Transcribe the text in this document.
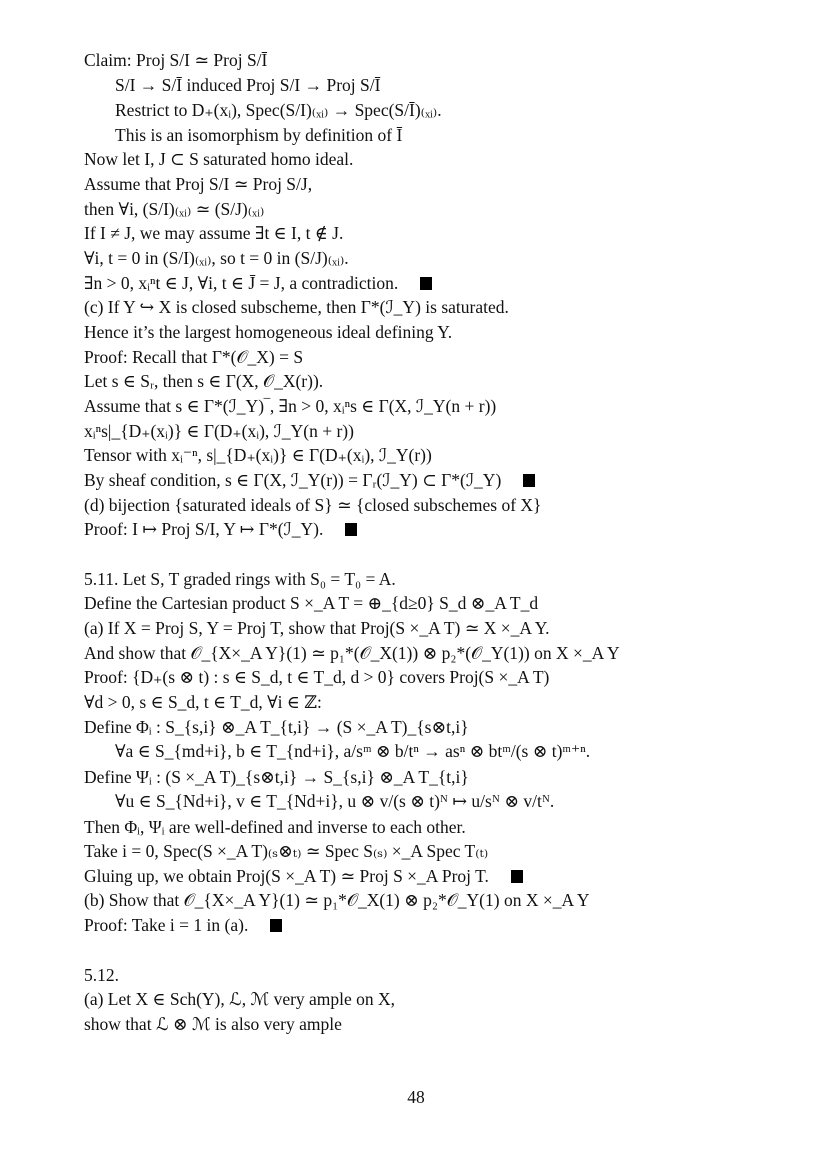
Claim: Proj S/I ≃ Proj S/Ī
S/I → S/Ī induced Proj S/I → Proj S/Ī
Restrict to D₊(xᵢ), Spec(S/I)₍ₓᵢ₎ → Spec(S/Ī)₍ₓᵢ₎.
This is an isomorphism by definition of Ī
Now let I, J ⊂ S saturated homo ideal.
Assume that Proj S/I ≃ Proj S/J,
then ∀i, (S/I)₍ₓᵢ₎ ≃ (S/J)₍ₓᵢ₎
If I ≠ J, we may assume ∃t ∈ I, t ∉ J.
∀i, t = 0 in (S/I)₍ₓᵢ₎, so t = 0 in (S/J)₍ₓᵢ₎.
∃n > 0, xᵢⁿt ∈ J, ∀i, t ∈ J̄ = J, a contradiction.
(c) If Y ↪ X is closed subscheme, then Γ*(ℐ_Y) is saturated.
Hence it’s the largest homogeneous ideal defining Y.
Proof: Recall that Γ*(𝒪_X) = S
Let s ∈ Sᵣ, then s ∈ Γ(X, 𝒪_X(r)).
Assume that s ∈ Γ*(ℐ_Y)‾, ∃n > 0, xᵢⁿs ∈ Γ(X, ℐ_Y(n + r))
xᵢⁿs|_{D₊(xᵢ)} ∈ Γ(D₊(xᵢ), ℐ_Y(n + r))
Tensor with xᵢ⁻ⁿ, s|_{D₊(xᵢ)} ∈ Γ(D₊(xᵢ), ℐ_Y(r))
By sheaf condition, s ∈ Γ(X, ℐ_Y(r)) = Γᵣ(ℐ_Y) ⊂ Γ*(ℐ_Y)
(d) bijection {saturated ideals of S} ≃ {closed subschemes of X}
Proof: I ↦ Proj S/I, Y ↦ Γ*(ℐ_Y).
5.11. Let S, T graded rings with S₀ = T₀ = A.
Define the Cartesian product S ×_A T = ⊕_{d≥0} S_d ⊗_A T_d
(a) If X = Proj S, Y = Proj T, show that Proj(S ×_A T) ≃ X ×_A Y.
And show that 𝒪_{X×_A Y}(1) ≃ p₁*(𝒪_X(1)) ⊗ p₂*(𝒪_Y(1)) on X ×_A Y
Proof: {D₊(s ⊗ t) : s ∈ S_d, t ∈ T_d, d > 0} covers Proj(S ×_A T)
∀d > 0, s ∈ S_d, t ∈ T_d, ∀i ∈ ℤ:
Define Φᵢ : S_{s,i} ⊗_A T_{t,i} → (S ×_A T)_{s⊗t,i}
∀a ∈ S_{md+i}, b ∈ T_{nd+i}, a/sᵐ ⊗ b/tⁿ → asⁿ ⊗ btᵐ/(s ⊗ t)ᵐ⁺ⁿ.
Define Ψᵢ : (S ×_A T)_{s⊗t,i} → S_{s,i} ⊗_A T_{t,i}
∀u ∈ S_{Nd+i}, v ∈ T_{Nd+i}, u ⊗ v/(s ⊗ t)ᴺ ↦ u/sᴺ ⊗ v/tᴺ.
Then Φᵢ, Ψᵢ are well-defined and inverse to each other.
Take i = 0, Spec(S ×_A T)₍ₛ⊗ₜ₎ ≃ Spec S₍ₛ₎ ×_A Spec T₍ₜ₎
Gluing up, we obtain Proj(S ×_A T) ≃ Proj S ×_A Proj T.
(b) Show that 𝒪_{X×_A Y}(1) ≃ p₁*𝒪_X(1) ⊗ p₂*𝒪_Y(1) on X ×_A Y
Proof: Take i = 1 in (a).
5.12.
(a) Let X ∈ Sch(Y), ℒ, ℳ very ample on X,
show that ℒ ⊗ ℳ is also very ample
48
